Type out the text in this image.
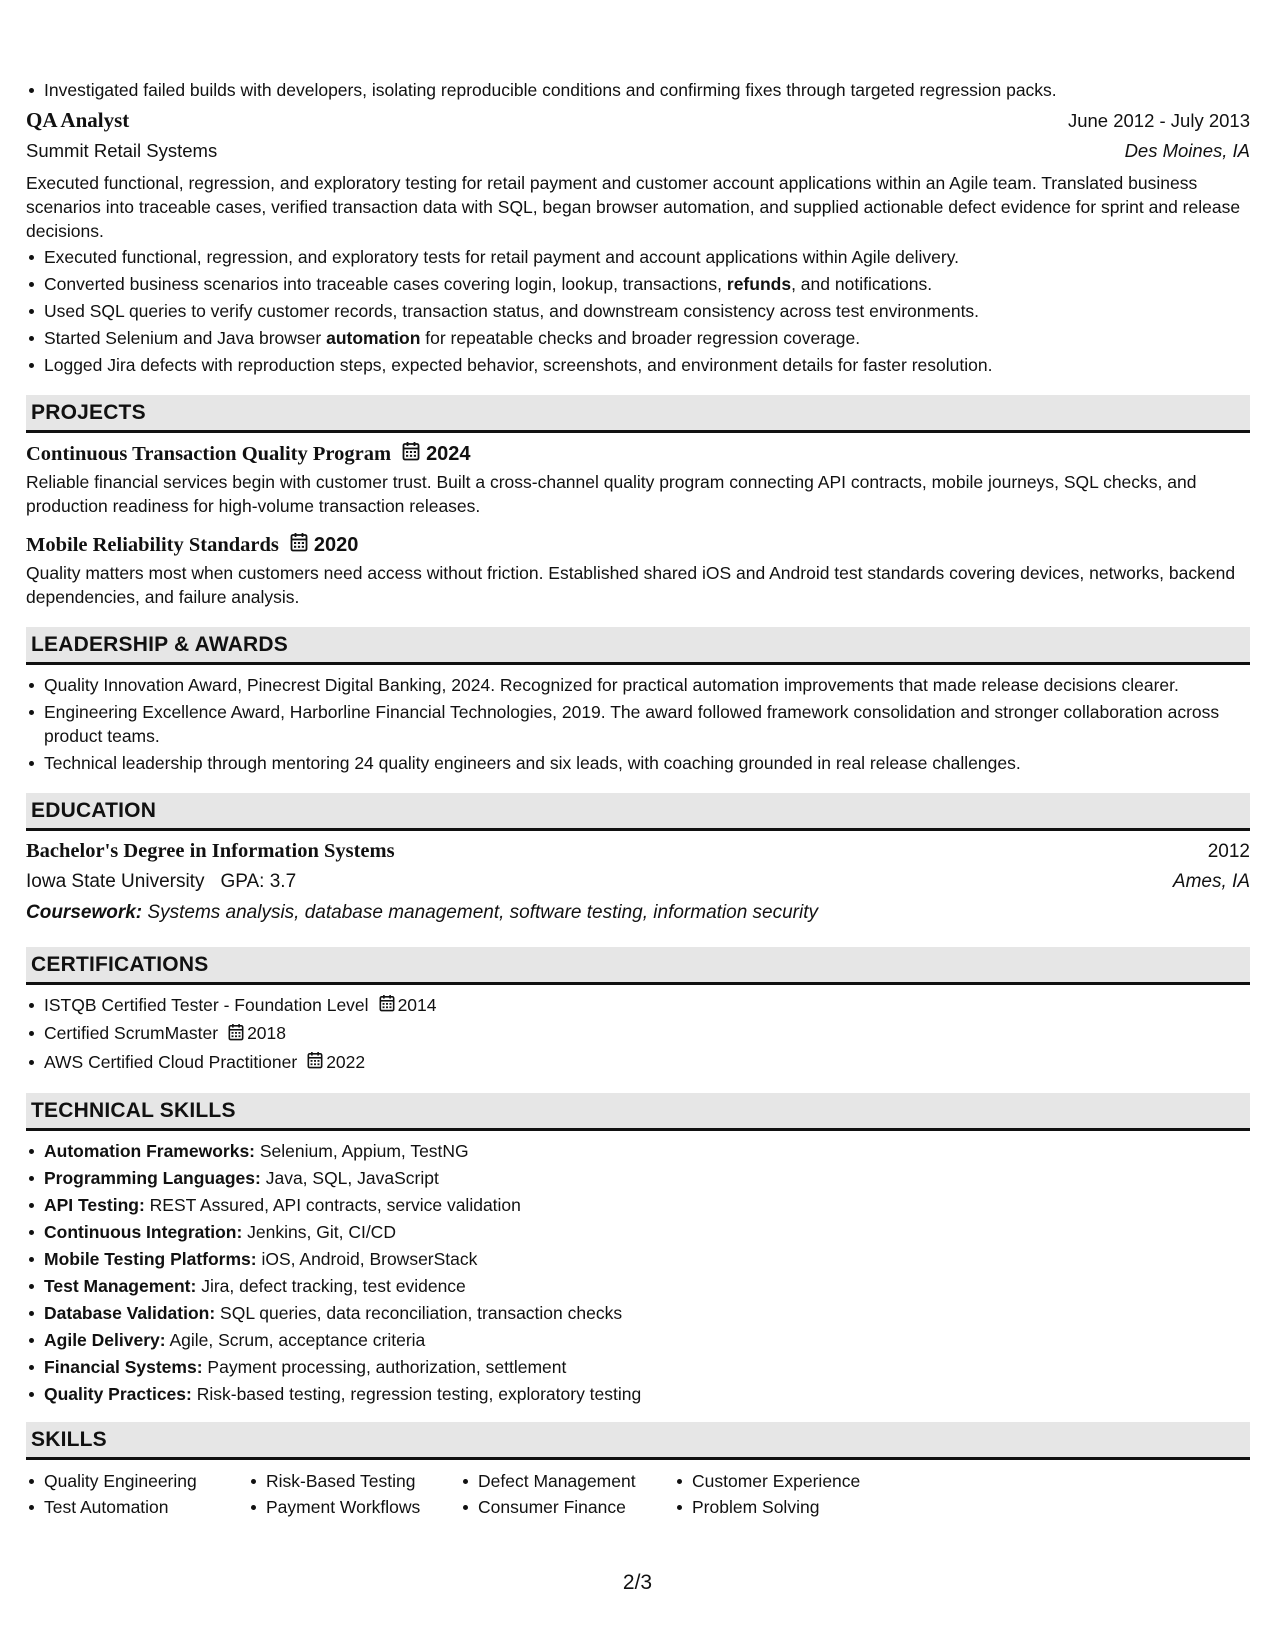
Investigated failed builds with developers, isolating reproducible conditions and confirming fixes through targeted regression packs.
QA Analyst	June 2012 - July 2013
Summit Retail Systems	Des Moines, IA
Executed functional, regression, and exploratory testing for retail payment and customer account applications within an Agile team. Translated business scenarios into traceable cases, verified transaction data with SQL, began browser automation, and supplied actionable defect evidence for sprint and release decisions.
Executed functional, regression, and exploratory tests for retail payment and account applications within Agile delivery.
Converted business scenarios into traceable cases covering login, lookup, transactions, refunds, and notifications.
Used SQL queries to verify customer records, transaction status, and downstream consistency across test environments.
Started Selenium and Java browser automation for repeatable checks and broader regression coverage.
Logged Jira defects with reproduction steps, expected behavior, screenshots, and environment details for faster resolution.
PROJECTS
Continuous Transaction Quality Program 2024
Reliable financial services begin with customer trust. Built a cross-channel quality program connecting API contracts, mobile journeys, SQL checks, and production readiness for high-volume transaction releases.
Mobile Reliability Standards 2020
Quality matters most when customers need access without friction. Established shared iOS and Android test standards covering devices, networks, backend dependencies, and failure analysis.
LEADERSHIP & AWARDS
Quality Innovation Award, Pinecrest Digital Banking, 2024. Recognized for practical automation improvements that made release decisions clearer.
Engineering Excellence Award, Harborline Financial Technologies, 2019. The award followed framework consolidation and stronger collaboration across product teams.
Technical leadership through mentoring 24 quality engineers and six leads, with coaching grounded in real release challenges.
EDUCATION
Bachelor's Degree in Information Systems	2012
Iowa State University GPA: 3.7	Ames, IA
Coursework: Systems analysis, database management, software testing, information security
CERTIFICATIONS
ISTQB Certified Tester - Foundation Level 2014
Certified ScrumMaster 2018
AWS Certified Cloud Practitioner 2022
TECHNICAL SKILLS
Automation Frameworks: Selenium, Appium, TestNG
Programming Languages: Java, SQL, JavaScript
API Testing: REST Assured, API contracts, service validation
Continuous Integration: Jenkins, Git, CI/CD
Mobile Testing Platforms: iOS, Android, BrowserStack
Test Management: Jira, defect tracking, test evidence
Database Validation: SQL queries, data reconciliation, transaction checks
Agile Delivery: Agile, Scrum, acceptance criteria
Financial Systems: Payment processing, authorization, settlement
Quality Practices: Risk-based testing, regression testing, exploratory testing
SKILLS
Quality Engineering
Test Automation
Risk-Based Testing
Payment Workflows
Defect Management
Consumer Finance
Customer Experience
Problem Solving
2/3
